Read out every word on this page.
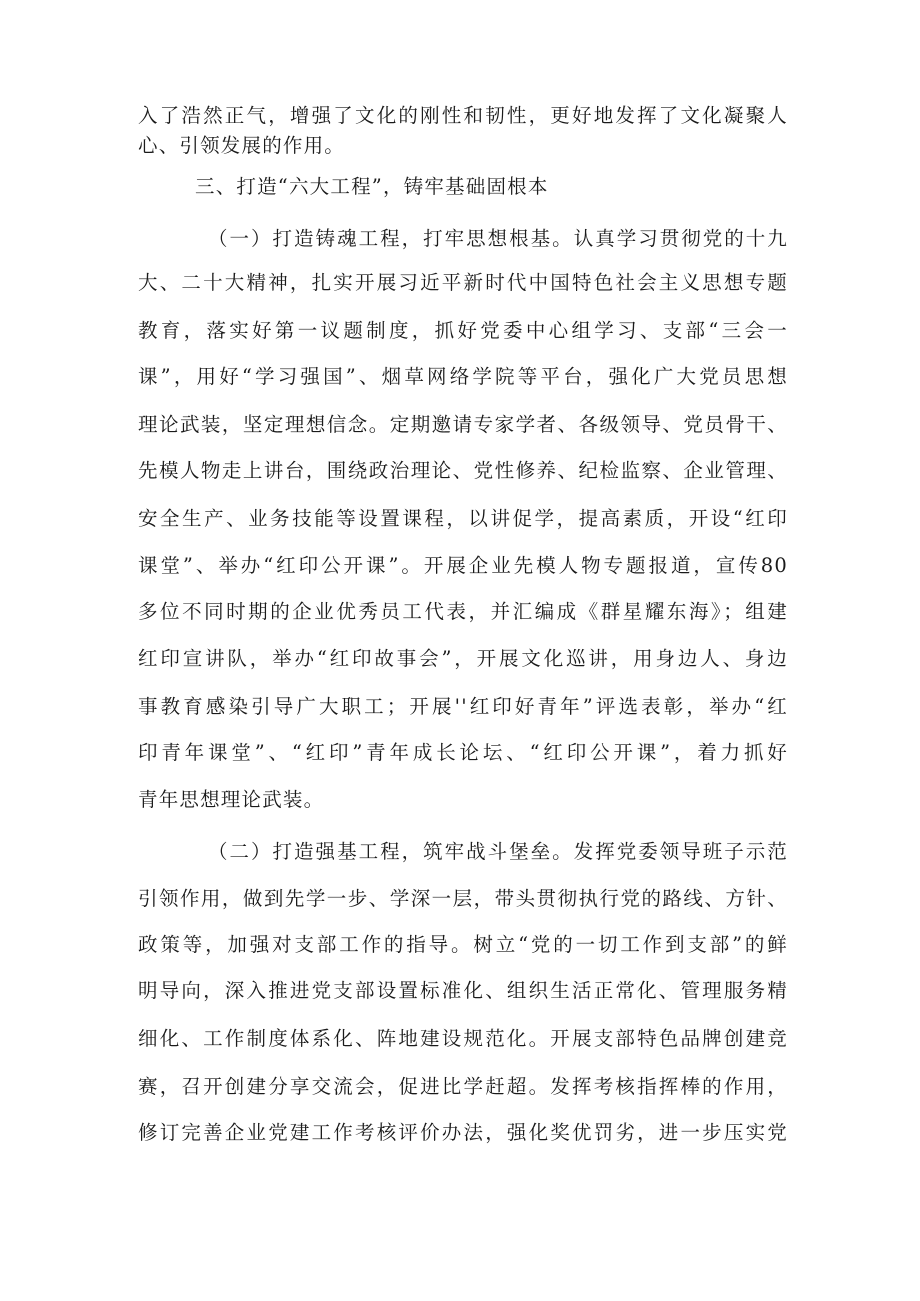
入了浩然正气，增强了文化的刚性和韧性，更好地发挥了文化凝聚人
心、引领发展的作用。
三、打造“六大工程”，铸牢基础固根本
（一）打造铸魂工程，打牢思想根基。认真学习贯彻党的十九
大、二十大精神，扎实开展习近平新时代中国特色社会主义思想专题
教育，落实好第一议题制度，抓好党委中心组学习、支部“三会一
课”，用好“学习强国”、烟草网络学院等平台，强化广大党员思想
理论武装，坚定理想信念。定期邀请专家学者、各级领导、党员骨干、
先模人物走上讲台，围绕政治理论、党性修养、纪检监察、企业管理、
安全生产、业务技能等设置课程，以讲促学，提高素质，开设“红印
课堂”、举办“红印公开课”。开展企业先模人物专题报道，宣传80
多位不同时期的企业优秀员工代表，并汇编成《群星耀东海》；组建
红印宣讲队，举办“红印故事会”，开展文化巡讲，用身边人、身边
事教育感染引导广大职工；开展''红印好青年”评选表彰，举办“红
印青年课堂”、“红印”青年成长论坛、“红印公开课”，着力抓好
青年思想理论武装。
（二）打造强基工程，筑牢战斗堡垒。发挥党委领导班子示范
引领作用，做到先学一步、学深一层，带头贯彻执行党的路线、方针、
政策等，加强对支部工作的指导。树立“党的一切工作到支部”的鲜
明导向，深入推进党支部设置标准化、组织生活正常化、管理服务精
细化、工作制度体系化、阵地建设规范化。开展支部特色品牌创建竞
赛，召开创建分享交流会，促进比学赶超。发挥考核指挥棒的作用，
修订完善企业党建工作考核评价办法，强化奖优罚劣，进一步压实党
